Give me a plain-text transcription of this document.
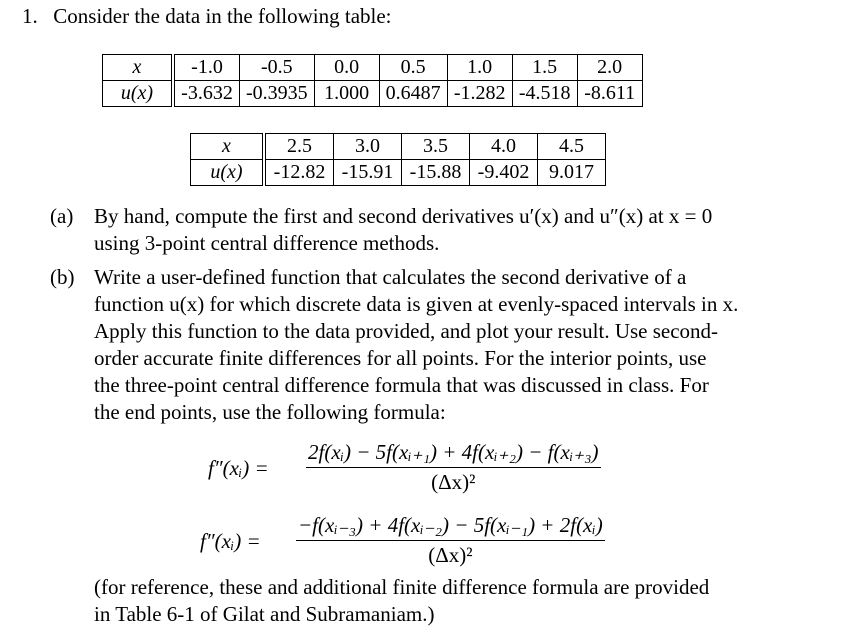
1. Consider the data in the following table:
x	-1.0	-0.5	0.0	0.5	1.0	1.5	2.0
u(x)	-3.632	-0.3935	1.000	0.6487	-1.282	-4.518	-8.611
x	2.5	3.0	3.5	4.0	4.5
u(x)	-12.82	-15.91	-15.88	-9.402	9.017
(a) By hand, compute the first and second derivatives u′(x) and u″(x) at x = 0
using 3-point central difference methods.
(b) Write a user-defined function that calculates the second derivative of a
function u(x) for which discrete data is given at evenly-spaced intervals in x.
Apply this function to the data provided, and plot your result. Use second-
order accurate finite differences for all points. For the interior points, use
the three-point central difference formula that was discussed in class. For
the end points, use the following formula:
f″(xᵢ) = $\frac{\text{2f(xᵢ) − 5f(xᵢ₊₁) + 4f(xᵢ₊₂) − f(xᵢ₊₃)}}{\text{(Δx)²}}$
f″(xᵢ) = $\frac{\text{−f(xᵢ₋₃) + 4f(xᵢ₋₂) − 5f(xᵢ₋₁) + 2f(xᵢ)}}{\text{(Δx)²}}$
(for reference, these and additional finite difference formula are provided
in Table 6-1 of Gilat and Subramaniam.)
